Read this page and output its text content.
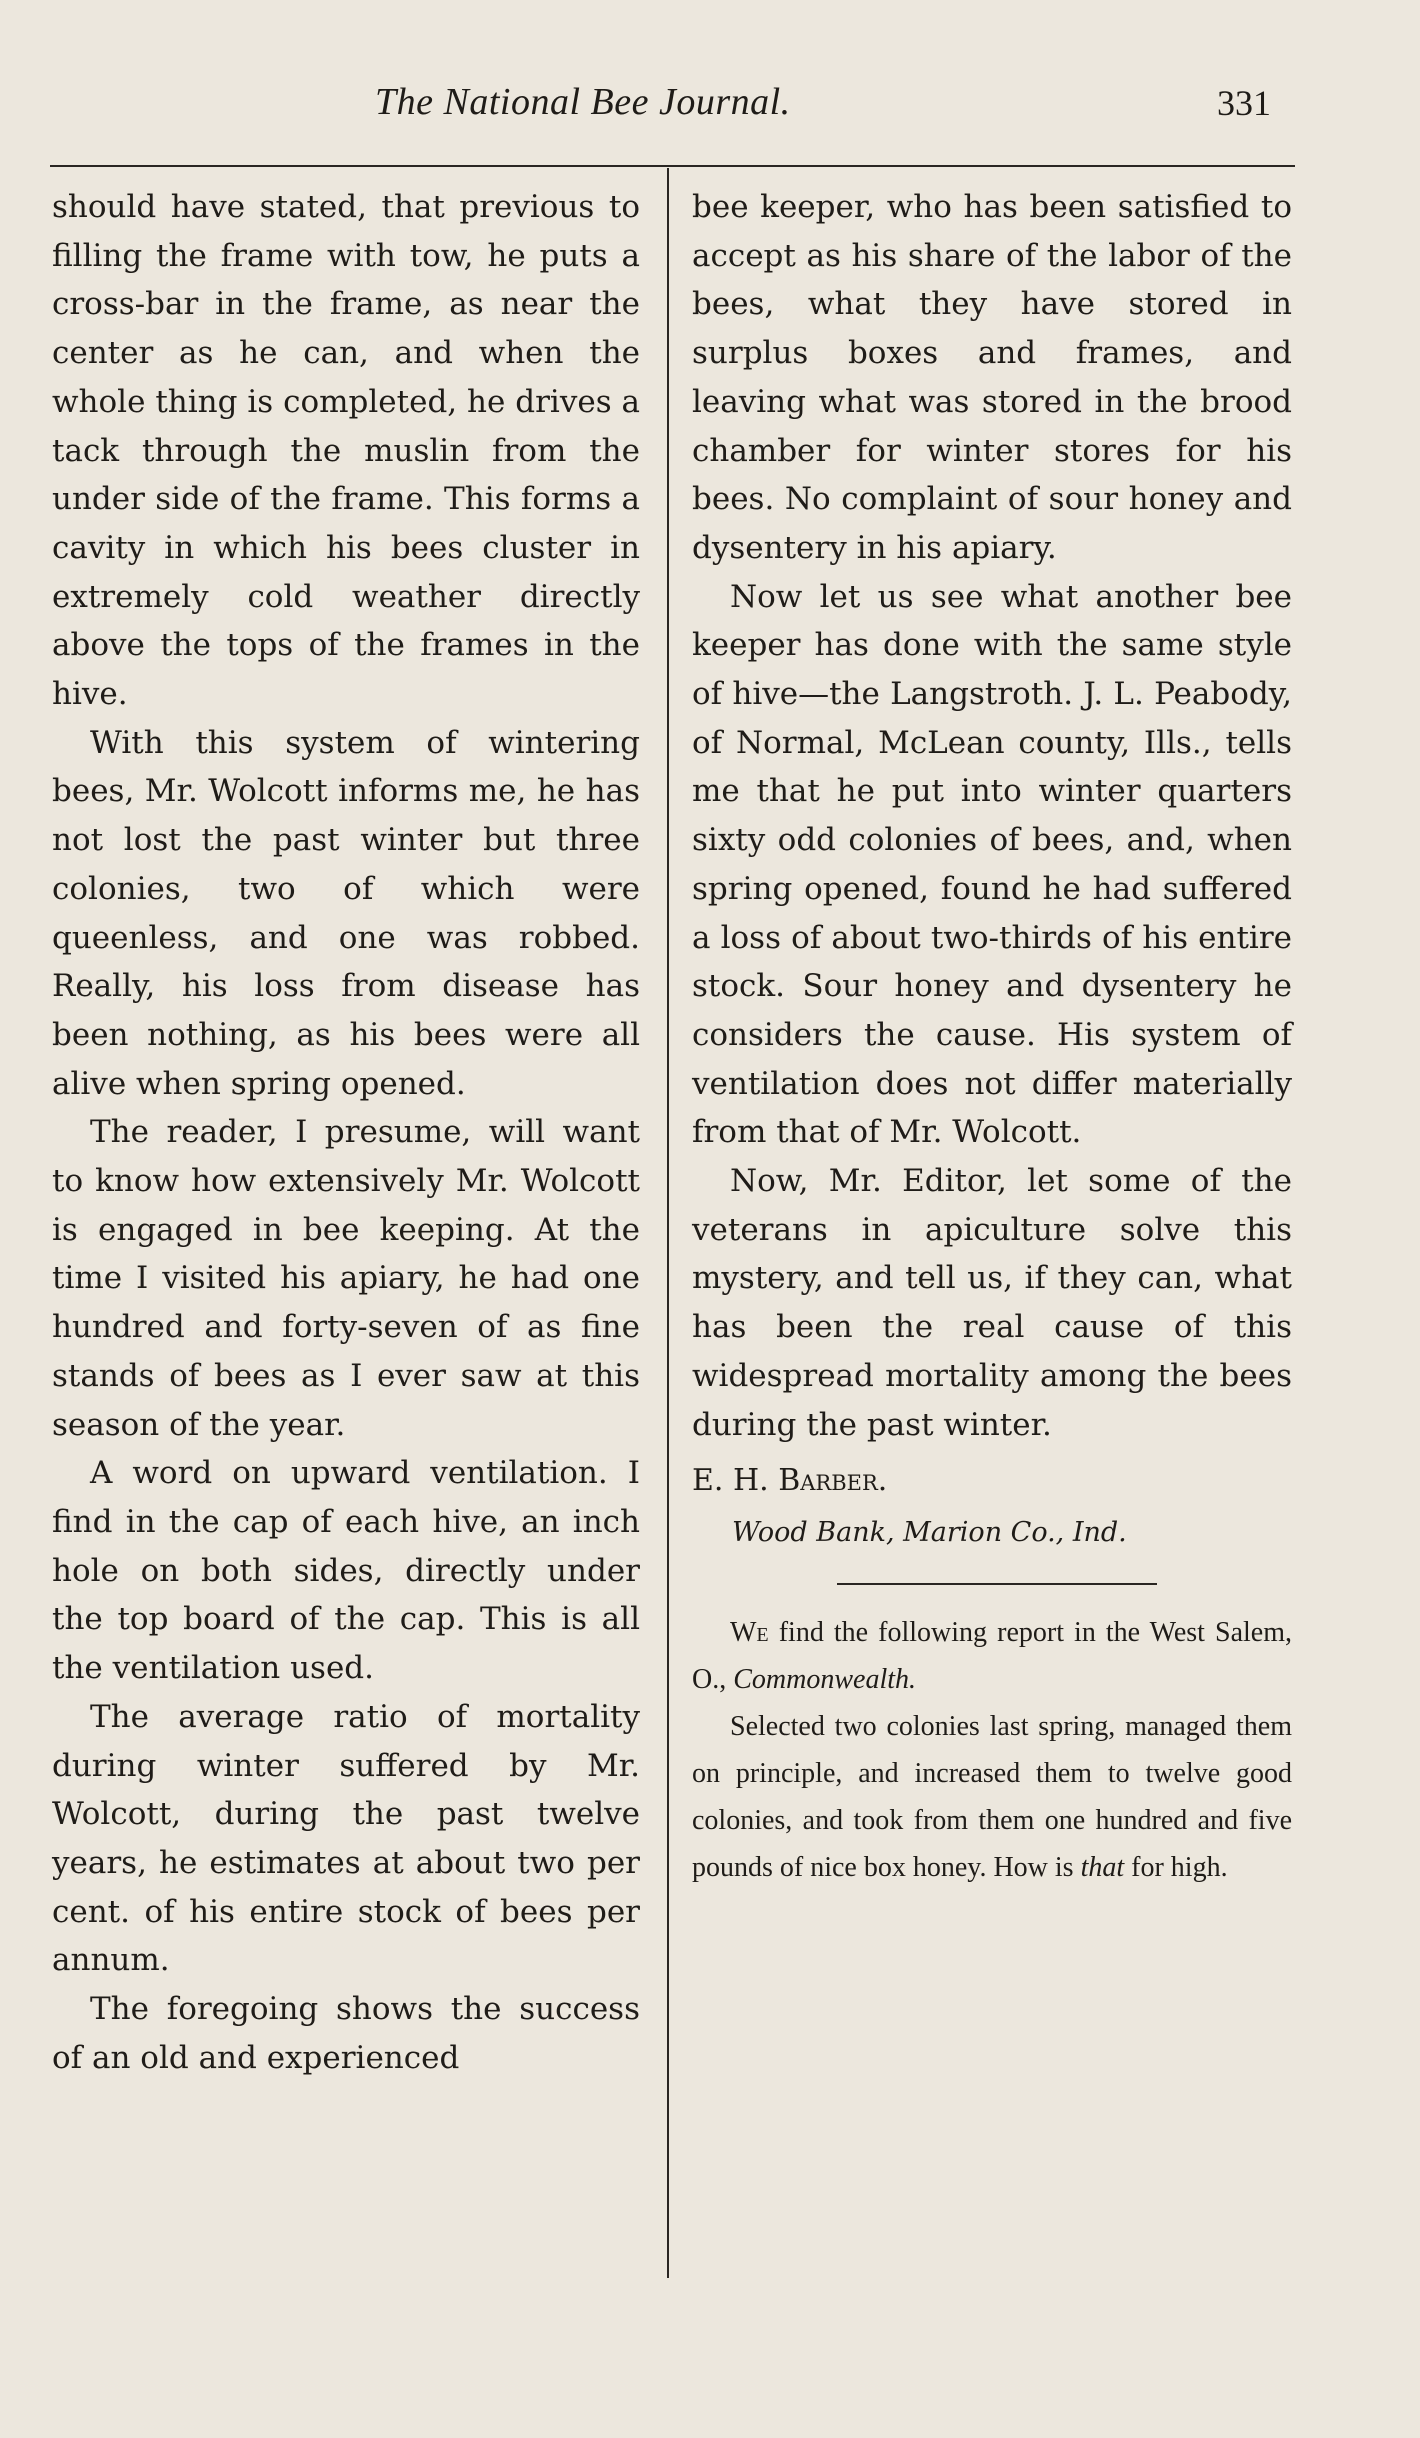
The National Bee Journal.	331

should have stated, that previous to filling the frame with tow, he puts a cross-bar in the frame, as near the center as he can, and when the whole thing is completed, he drives a tack through the muslin from the under side of the frame. This forms a cavity in which his bees cluster in extremely cold weather directly above the tops of the frames in the hive.

With this system of wintering bees, Mr. Wolcott informs me, he has not lost the past winter but three colonies, two of which were queenless, and one was robbed. Really, his loss from disease has been nothing, as his bees were all alive when spring opened.

The reader, I presume, will want to know how extensively Mr. Wolcott is engaged in bee keeping. At the time I visited his apiary, he had one hundred and forty-seven of as fine stands of bees as I ever saw at this season of the year.

A word on upward ventilation. I find in the cap of each hive, an inch hole on both sides, directly under the top board of the cap. This is all the ventilation used.

The average ratio of mortality during winter suffered by Mr. Wolcott, during the past twelve years, he estimates at about two per cent. of his entire stock of bees per annum.

The foregoing shows the success of an old and experienced

bee keeper, who has been satisfied to accept as his share of the labor of the bees, what they have stored in surplus boxes and frames, and leaving what was stored in the brood chamber for winter stores for his bees. No complaint of sour honey and dysentery in his apiary.

Now let us see what another bee keeper has done with the same style of hive—the Langstroth. J. L. Peabody, of Normal, McLean county, Ills., tells me that he put into winter quarters sixty odd colonies of bees, and, when spring opened, found he had suffered a loss of about two-thirds of his entire stock. Sour honey and dysentery he considers the cause. His system of ventilation does not differ materially from that of Mr. Wolcott.

Now, Mr. Editor, let some of the veterans in apiculture solve this mystery, and tell us, if they can, what has been the real cause of this widespread mortality among the bees during the past winter.

E. H. Barber.

Wood Bank, Marion Co., Ind.

We find the following report in the West Salem, O., Commonwealth.

Selected two colonies last spring, managed them on principle, and increased them to twelve good colonies, and took from them one hundred and five pounds of nice box honey. How is that for high.
